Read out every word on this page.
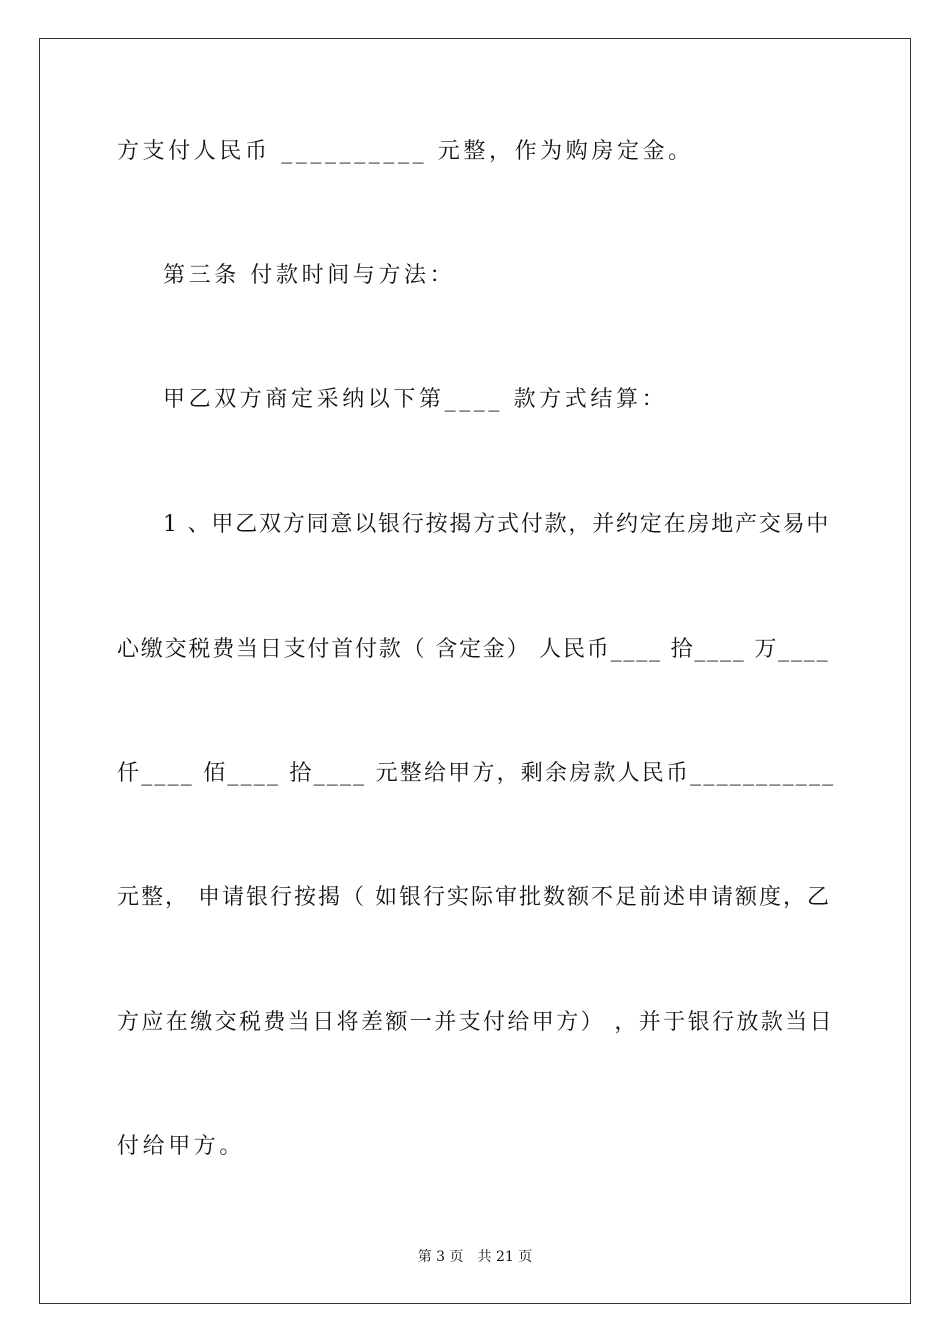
方支付人民币 __________ 元整，作为购房定金。
第三条 付款时间与方法：
甲乙双方商定采纳以下第____ 款方式结算：
1 、甲乙双方同意以银行按揭方式付款，并约定在房地产交易中
心缴交税费当日支付首付款（ 含定金） 人民币____ 拾____ 万____
仟____ 佰____ 拾____ 元整给甲方，剩余房款人民币___________
元整， 申请银行按揭（ 如银行实际审批数额不足前述申请额度，乙
方应在缴交税费当日将差额一并支付给甲方） ，并于银行放款当日
付给甲方。
第 3 页 共 21 页
